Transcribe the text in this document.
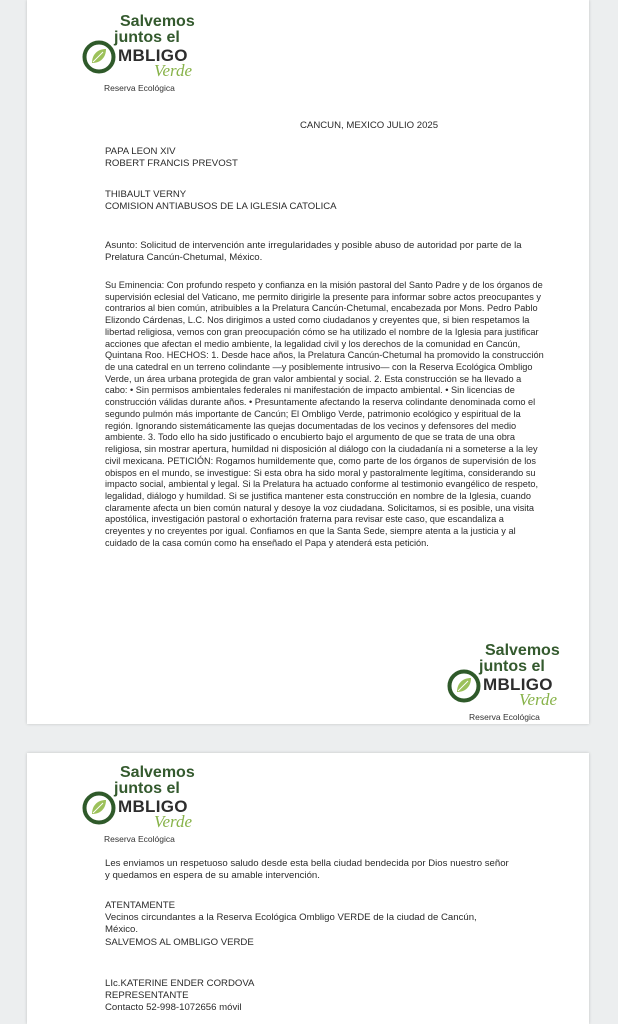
Salvemos
juntos el
MBLIGO
Verde
Reserva Ecológica
CANCUN, MEXICO JULIO 2025
PAPA LEON XIV
ROBERT FRANCIS PREVOST
THIBAULT VERNY
COMISION ANTIABUSOS DE LA IGLESIA CATOLICA
Asunto: Solicitud de intervención ante irregularidades y posible abuso de autoridad por parte de la Prelatura Cancún-Chetumal, México.
Su Eminencia: Con profundo respeto y confianza en la misión pastoral del Santo Padre y de los órganos de supervisión eclesial del Vaticano, me permito dirigirle la presente para informar sobre actos preocupantes y contrarios al bien común, atribuibles a la Prelatura Cancún-Chetumal, encabezada por Mons. Pedro Pablo Elizondo Cárdenas, L.C. Nos dirigimos a usted como ciudadanos y creyentes que, si bien respetamos la libertad religiosa, vemos con gran preocupación cómo se ha utilizado el nombre de la Iglesia para justificar acciones que afectan el medio ambiente, la legalidad civil y los derechos de la comunidad en Cancún, Quintana Roo. HECHOS: 1. Desde hace años, la Prelatura Cancún-Chetumal ha promovido la construcción de una catedral en un terreno colindante —y posiblemente intrusivo— con la Reserva Ecológica Ombligo Verde, un área urbana protegida de gran valor ambiental y social. 2. Esta construcción se ha llevado a cabo: • Sin permisos ambientales federales ni manifestación de impacto ambiental. • Sin licencias de construcción válidas durante años. • Presuntamente afectando la reserva colindante denominada como el segundo pulmón más importante de Cancún; El Ombligo Verde, patrimonio ecológico y espiritual de la región. Ignorando sistemáticamente las quejas documentadas de los vecinos y defensores del medio ambiente. 3. Todo ello ha sido justificado o encubierto bajo el argumento de que se trata de una obra religiosa, sin mostrar apertura, humildad ni disposición al diálogo con la ciudadanía ni a someterse a la ley civil mexicana. PETICIÓN: Rogamos humildemente que, como parte de los órganos de supervisión de los obispos en el mundo, se investigue: Si esta obra ha sido moral y pastoralmente legítima, considerando su impacto social, ambiental y legal. Si la Prelatura ha actuado conforme al testimonio evangélico de respeto, legalidad, diálogo y humildad. Si se justifica mantener esta construcción en nombre de la Iglesia, cuando claramente afecta un bien común natural y desoye la voz ciudadana. Solicitamos, si es posible, una visita apostólica, investigación pastoral o exhortación fraterna para revisar este caso, que escandaliza a creyentes y no creyentes por igual. Confiamos en que la Santa Sede, siempre atenta a la justicia y al cuidado de la casa común como ha enseñado el Papa y atenderá esta petición.
Salvemos
juntos el
MBLIGO
Verde
Reserva Ecológica
Salvemos
juntos el
MBLIGO
Verde
Reserva Ecológica
Les enviamos un respetuoso saludo desde esta bella ciudad bendecida por Dios nuestro señor y quedamos en espera de su amable intervención.
ATENTAMENTE
Vecinos circundantes a la Reserva Ecológica Ombligo VERDE de la ciudad de Cancún, México.
SALVEMOS AL OMBLIGO VERDE
LIc.KATERINE ENDER CORDOVA
REPRESENTANTE
Contacto 52-998-1072656 móvil
